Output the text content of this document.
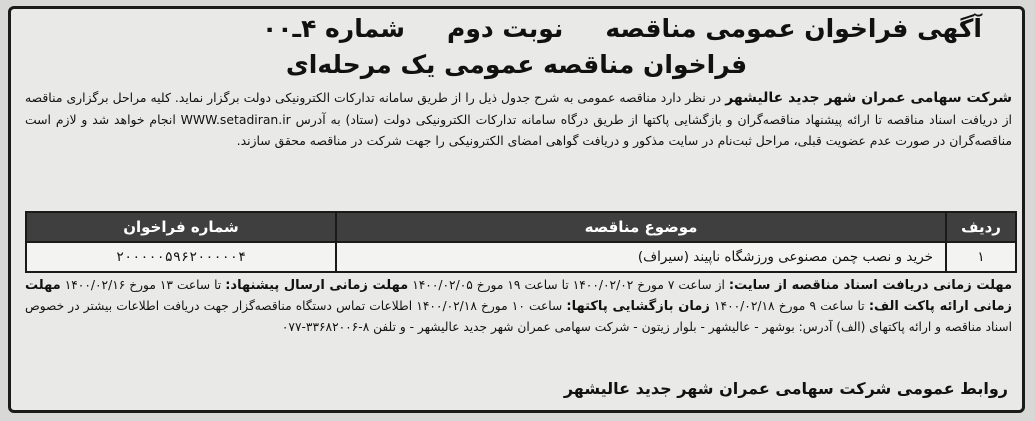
آگهی فراخوان عمومی مناقصه
نوبت دوم
شماره ۴ـ۰۰
فراخوان مناقصه عمومی یک مرحله‌ای
شرکت سهامی عمران شهر جدید عالیشهر در نظر دارد مناقصه عمومی به شرح جدول ذیل را از طریق سامانه تدارکات الکترونیکی دولت برگزار نماید. کلیه مراحل برگزاری مناقصه از دریافت اسناد مناقصه تا ارائه پیشنهاد مناقصه‌گران و بازگشایی پاکتها از طریق درگاه سامانه تدارکات الکترونیکی دولت (ستاد) به آدرس WWW.setadiran.ir انجام خواهد شد و لازم است مناقصه‌گران در صورت عدم عضویت قبلی، مراحل ثبت‌نام در سایت مذکور و دریافت گواهی امضای الکترونیکی را جهت شرکت در مناقصه محقق سازند.
ردیف	موضوع مناقصه	شماره فراخوان
۱	خرید و نصب چمن مصنوعی ورزشگاه ناپیند (سیراف)	۲۰۰۰۰۰۵۹۶۲۰۰۰۰۰۴
مهلت زمانی دریافت اسناد مناقصه از سایت: از ساعت ۷ مورخ ۱۴۰۰/۰۲/۰۲ تا ساعت ۱۹ مورخ ۱۴۰۰/۰۲/۰۵ مهلت زمانی ارسال پیشنهاد: تا ساعت ۱۳ مورخ ۱۴۰۰/۰۲/۱۶ مهلت زمانی ارائه پاکت الف: تا ساعت ۹ مورخ ۱۴۰۰/۰۲/۱۸ زمان بازگشایی پاکتها: ساعت ۱۰ مورخ ۱۴۰۰/۰۲/۱۸ اطلاعات تماس دستگاه مناقصه‌گزار جهت دریافت اطلاعات بیشتر در خصوص اسناد مناقصه و ارائه پاکتهای (الف) آدرس: بوشهر - عالیشهر - بلوار زیتون - شرکت سهامی عمران شهر جدید عالیشهر - و تلفن ۸-۳۳۶۸۲۰۰۶-۰۷۷
روابط عمومی شرکت سهامی عمران شهر جدید عالیشهر
